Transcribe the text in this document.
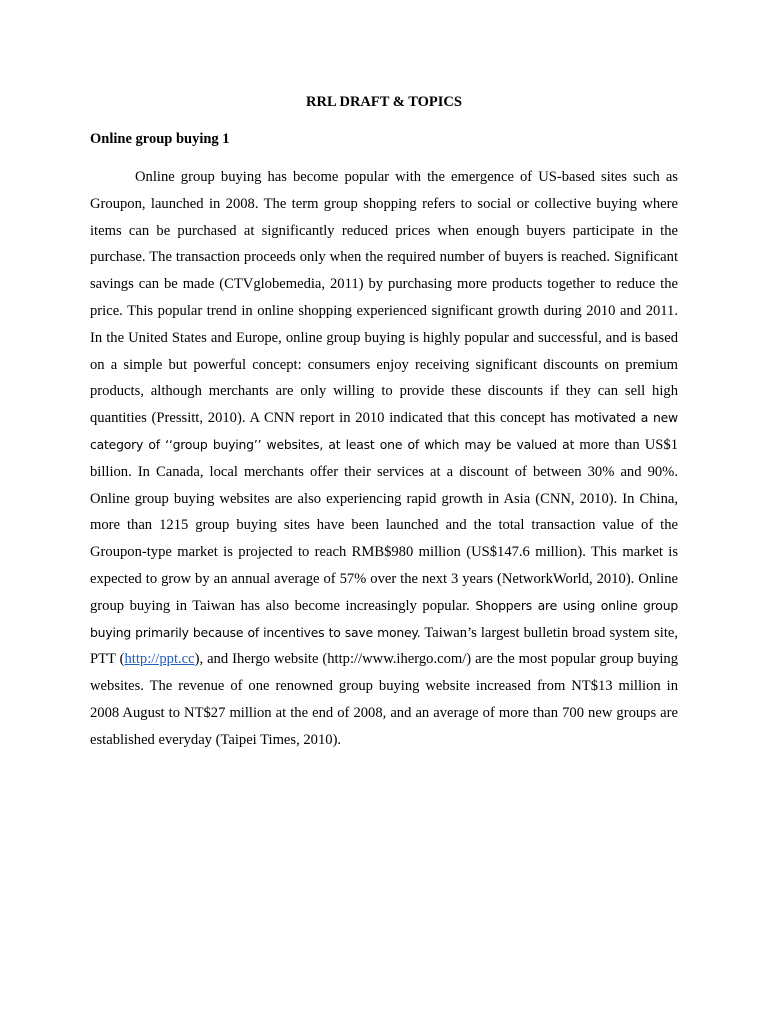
RRL DRAFT & TOPICS
Online group buying 1

Online group buying has become popular with the emergence of US-based sites such as Groupon, launched in 2008. The term group shopping refers to social or collective buying where items can be purchased at significantly reduced prices when enough buyers participate in the purchase. The transaction proceeds only when the required number of buyers is reached. Significant savings can be made (CTVglobemedia, 2011) by purchasing more products together to reduce the price. This popular trend in online shopping experienced significant growth during 2010 and 2011. In the United States and Europe, online group buying is highly popular and successful, and is based on a simple but powerful concept: consumers enjoy receiving significant discounts on premium products, although merchants are only willing to provide these discounts if they can sell high quantities (Pressitt, 2010). A CNN report in 2010 indicated that this concept has motivated a new category of ‘‘group buying’’ websites, at least one of which may be valued at more than US$1 billion. In Canada, local merchants offer their services at a discount of between 30% and 90%. Online group buying websites are also experiencing rapid growth in Asia (CNN, 2010). In China, more than 1215 group buying sites have been launched and the total transaction value of the Groupon-type market is projected to reach RMB$980 million (US$147.6 million). This market is expected to grow by an annual average of 57% over the next 3 years (NetworkWorld, 2010). Online group buying in Taiwan has also become increasingly popular. Shoppers are using online group buying primarily because of incentives to save money. Taiwan’s largest bulletin broad system site, PTT (http://ppt.cc), and Ihergo website (http://www.ihergo.com/) are the most popular group buying websites. The revenue of one renowned group buying website increased from NT$13 million in 2008 August to NT$27 million at the end of 2008, and an average of more than 700 new groups are established everyday (Taipei Times, 2010).
